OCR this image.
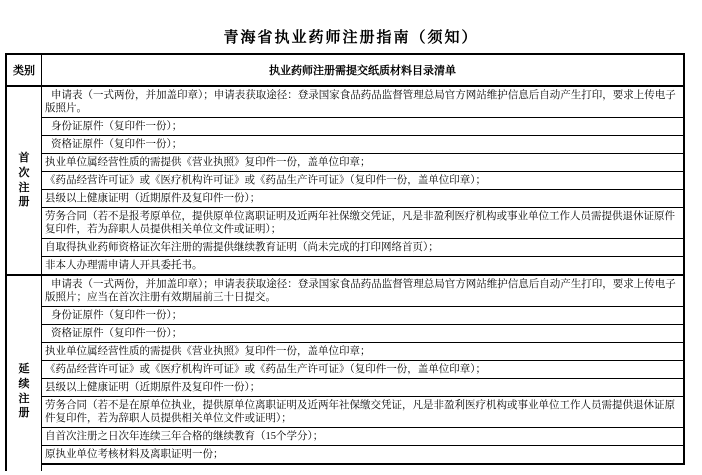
青海省执业药师注册指南（须知）
类别	执业药师注册需提交纸质材料目录清单
首次注册
申请表（一式两份，并加盖印章）；申请表获取途径：登录国家食品药品监督管理总局官方网站维护信息后自动产生打印，要求上传电子版照片。
身份证原件（复印件一份）；
资格证原件（复印件一份）；
执业单位属经营性质的需提供《营业执照》复印件一份，盖单位印章；
《药品经营许可证》或《医疗机构许可证》或《药品生产许可证》（复印件一份，盖单位印章）；
县级以上健康证明（近期原件及复印件一份）；
劳务合同（若不是报考原单位，提供原单位离职证明及近两年社保缴交凭证，凡是非盈利医疗机构或事业单位工作人员需提供退休证原件复印件，若为辞职人员提供相关单位文件或证明）；
自取得执业药师资格证次年注册的需提供继续教育证明（尚未完成的打印网络首页）；
非本人办理需申请人开具委托书。
延续注册
申请表（一式两份，并加盖印章）；申请表获取途径：登录国家食品药品监督管理总局官方网站维护信息后自动产生打印，要求上传电子版照片；应当在首次注册有效期届前三十日提交。
身份证原件（复印件一份）；
资格证原件（复印件一份）；
执业单位属经营性质的需提供《营业执照》复印件一份，盖单位印章；
《药品经营许可证》或《医疗机构许可证》或《药品生产许可证》（复印件一份，盖单位印章）；
县级以上健康证明（近期原件及复印件一份）；
劳务合同（若不是在原单位执业，提供原单位离职证明及近两年社保缴交凭证，凡是非盈利医疗机构或事业单位工作人员需提供退休证原件复印件，若为辞职人员提供相关单位文件或证明）；
自首次注册之日次年连续三年合格的继续教育（15个学分）；
原执业单位考核材料及离职证明一份；
